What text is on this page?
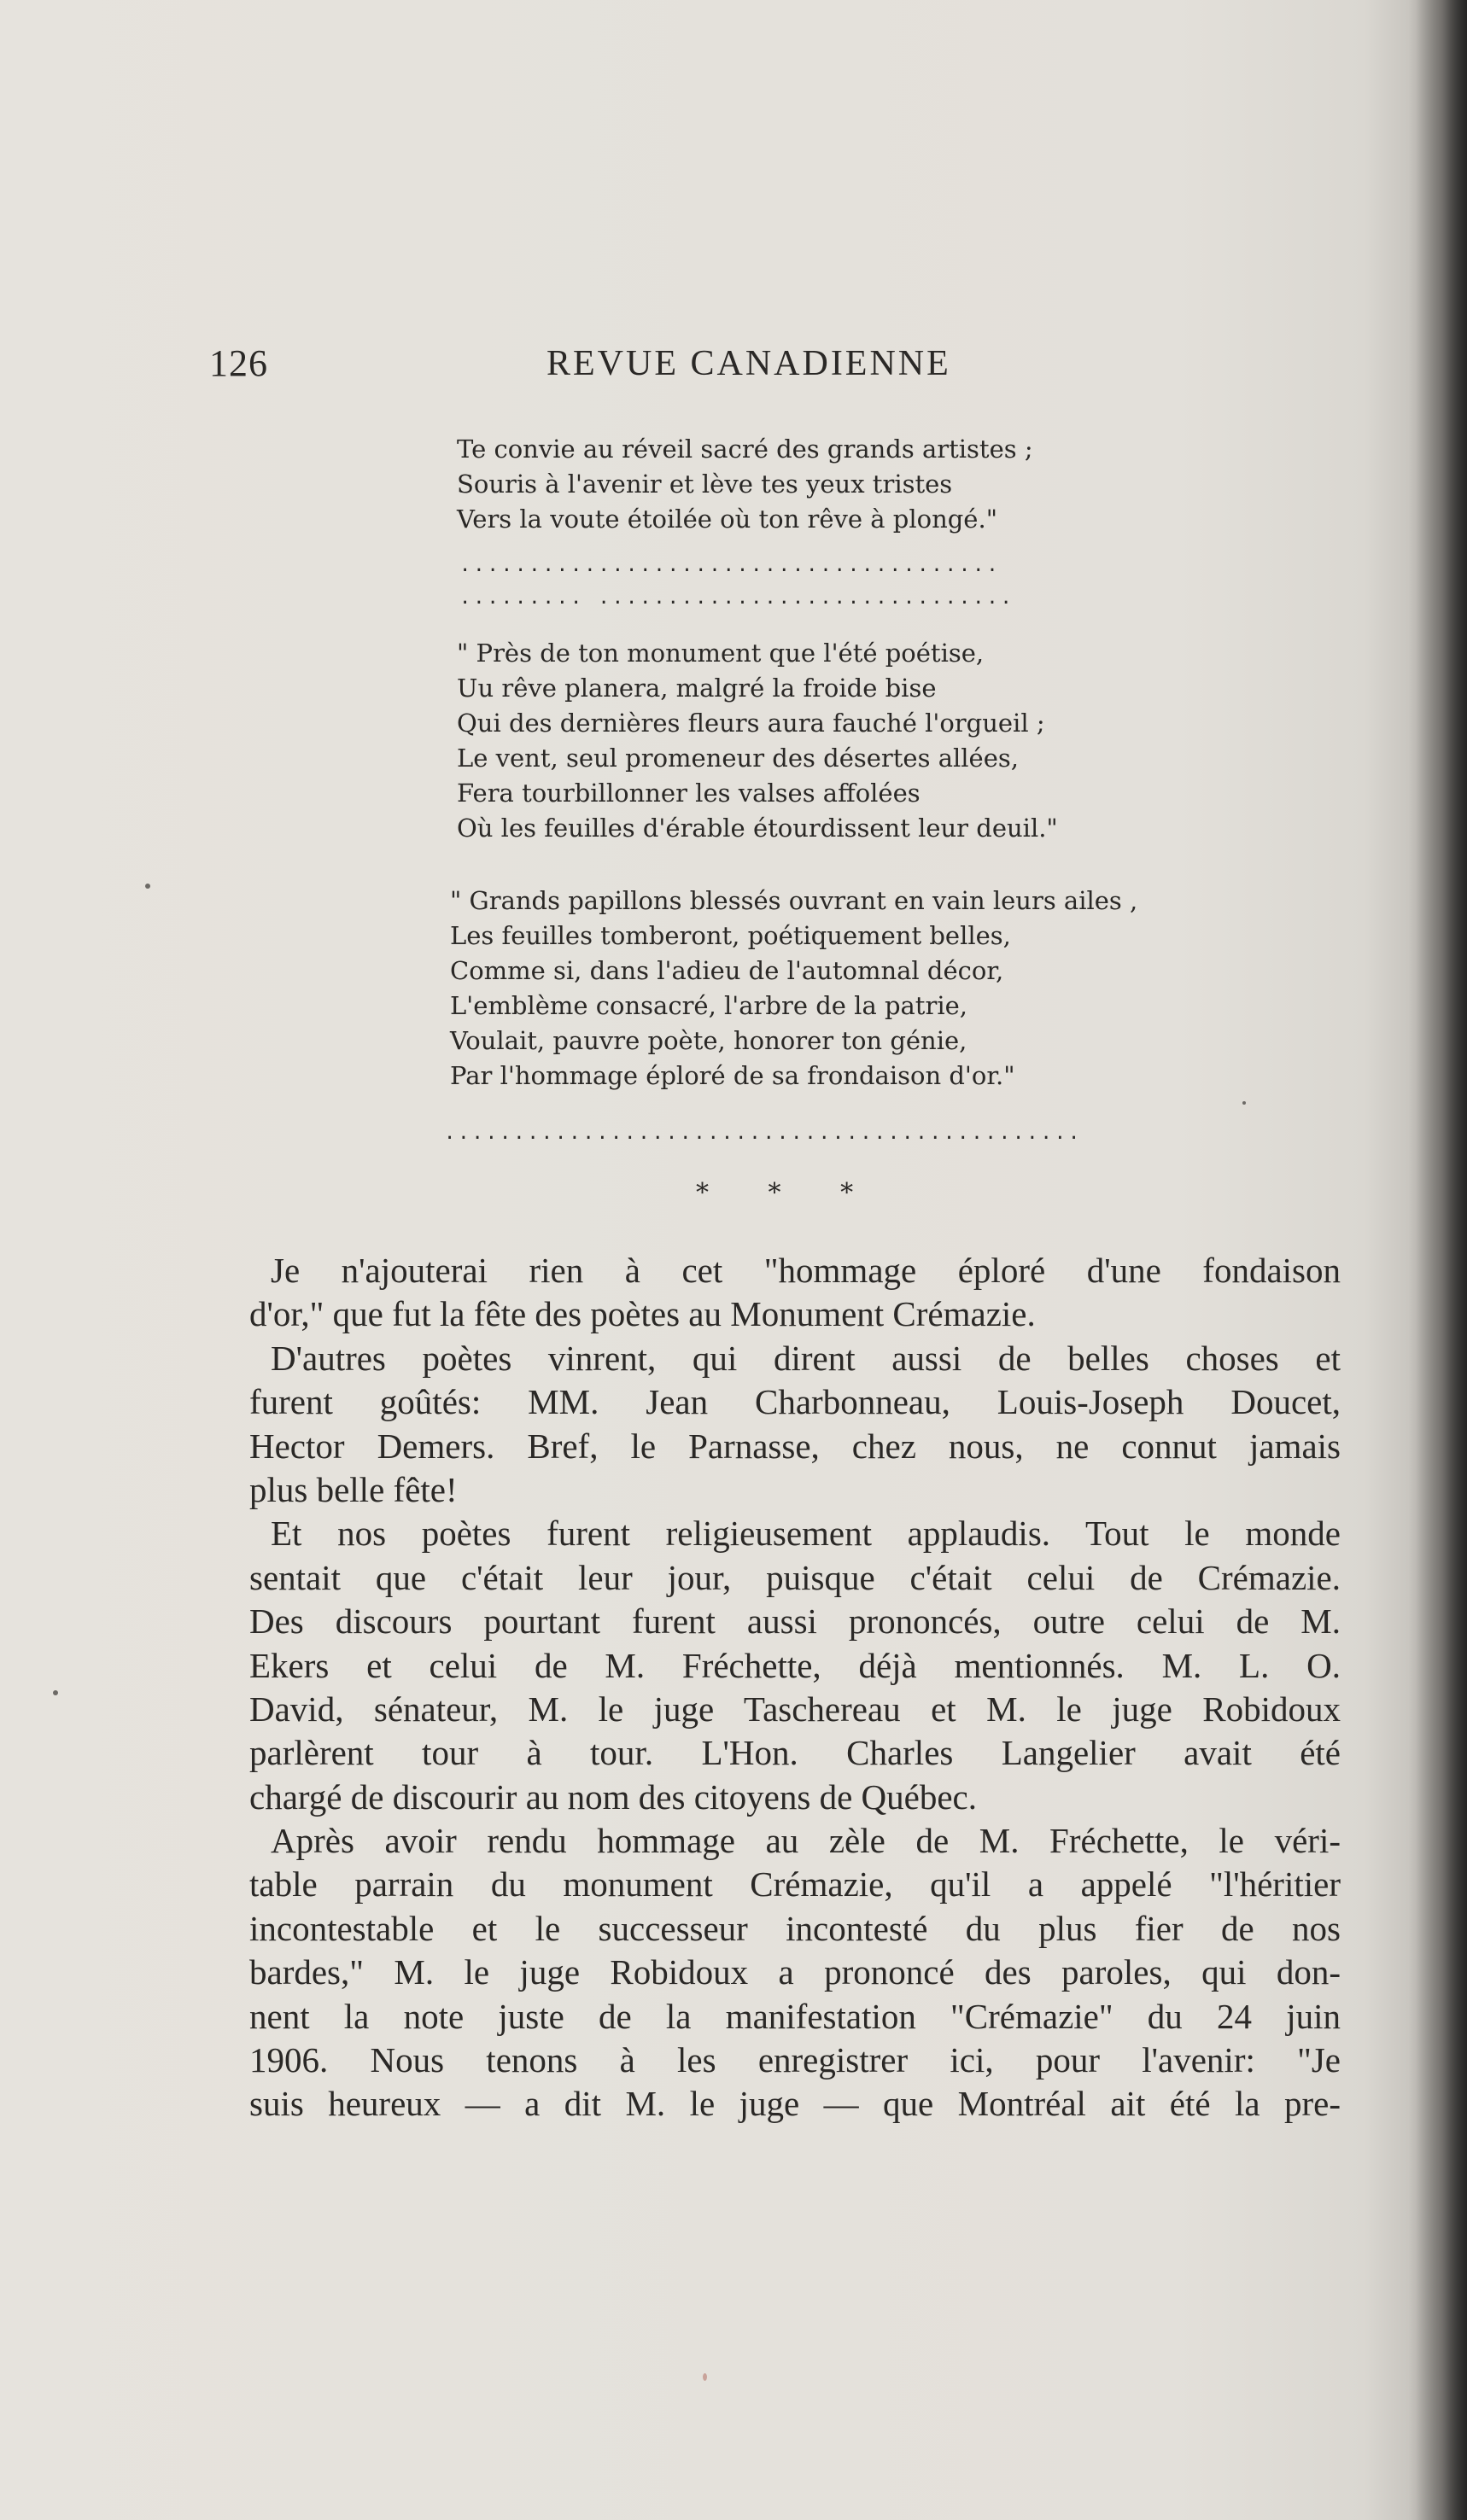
126	REVUE CANADIENNE
Te convie au réveil sacré des grands artistes ;
Souris à l'avenir et lève tes yeux tristes
Vers la voute étoilée où ton rêve à plongé."
.......................................
......... ..............................
" Près de ton monument que l'été poétise,
Uu rêve planera, malgré la froide bise
Qui des dernières fleurs aura fauché l'orgueil ;
Le vent, seul promeneur des désertes allées,
Fera tourbillonner les valses affolées
Où les feuilles d'érable étourdissent leur deuil."
" Grands papillons blessés ouvrant en vain leurs ailes ,
Les feuilles tomberont, poétiquement belles,
Comme si, dans l'adieu de l'automnal décor,
L'emblème consacré, l'arbre de la patrie,
Voulait, pauvre poète, honorer ton génie,
Par l'hommage éploré de sa frondaison d'or."
..............................................
* * *
Je n'ajouterai rien à cet "hommage éploré d'une fondaison
d'or," que fut la fête des poètes au Monument Crémazie.
D'autres poètes vinrent, qui dirent aussi de belles choses et
furent goûtés: MM. Jean Charbonneau, Louis-Joseph Doucet,
Hector Demers. Bref, le Parnasse, chez nous, ne connut jamais
plus belle fête!
Et nos poètes furent religieusement applaudis. Tout le monde
sentait que c'était leur jour, puisque c'était celui de Crémazie.
Des discours pourtant furent aussi prononcés, outre celui de M.
Ekers et celui de M. Fréchette, déjà mentionnés. M. L. O.
David, sénateur, M. le juge Taschereau et M. le juge Robidoux
parlèrent tour à tour. L'Hon. Charles Langelier avait été
chargé de discourir au nom des citoyens de Québec.
Après avoir rendu hommage au zèle de M. Fréchette, le véri-
table parrain du monument Crémazie, qu'il a appelé "l'héritier
incontestable et le successeur incontesté du plus fier de nos
bardes," M. le juge Robidoux a prononcé des paroles, qui don-
nent la note juste de la manifestation "Crémazie" du 24 juin
1906. Nous tenons à les enregistrer ici, pour l'avenir: "Je
suis heureux — a dit M. le juge — que Montréal ait été la pre-
